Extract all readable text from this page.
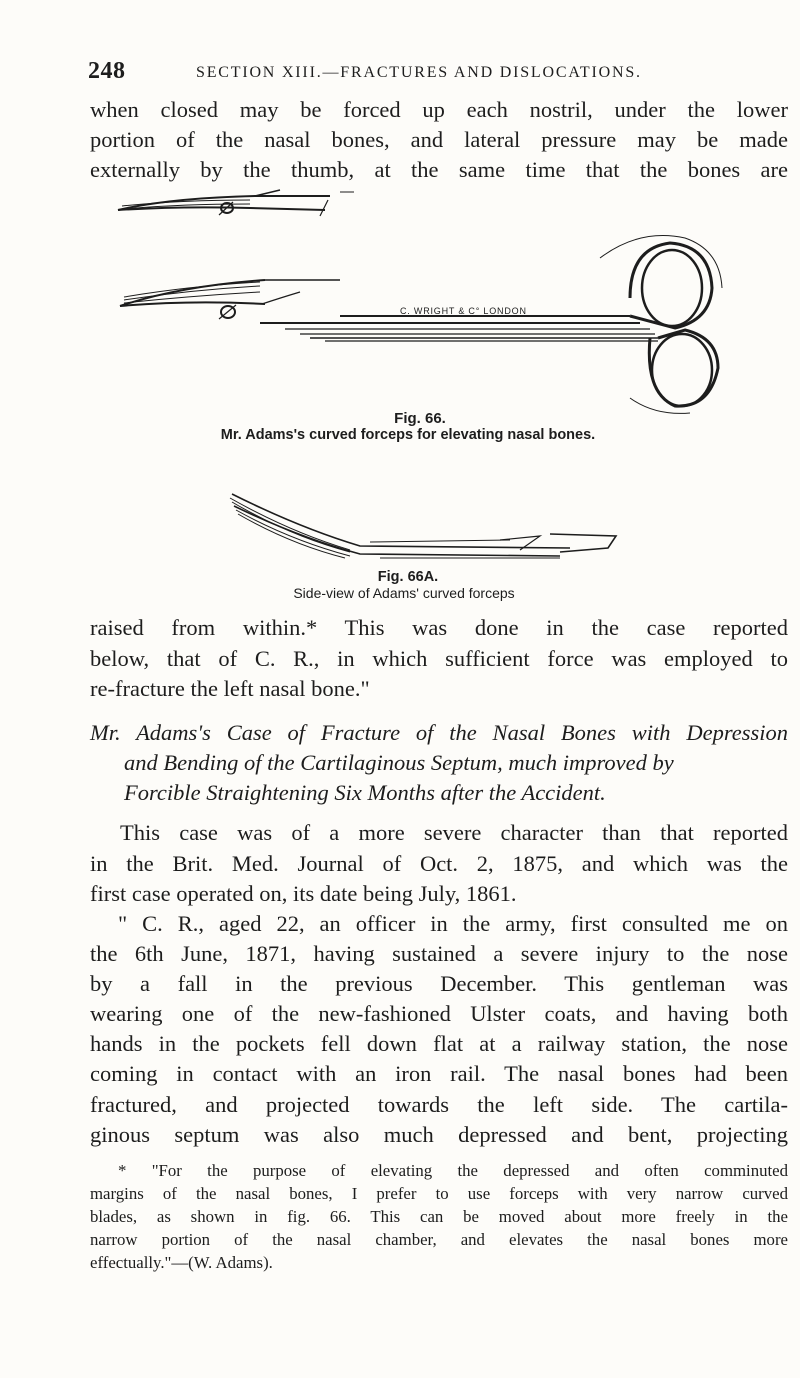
248	SECTION XIII.—FRACTURES AND DISLOCATIONS.
when closed may be forced up each nostril, under the lower
portion of the nasal bones, and lateral pressure may be made
externally by the thumb, at the same time that the bones are
C. WRIGHT & C° LONDON
Fig. 66.
Mr. Adams's curved forceps for elevating nasal bones.
Fig. 66A.
Side-view of Adams' curved forceps
raised from within.* This was done in the case reported
below, that of C. R., in which sufficient force was employed to
re-fracture the left nasal bone."
Mr. Adams's Case of Fracture of the Nasal Bones with Depression
and Bending of the Cartilaginous Septum, much improved by
Forcible Straightening Six Months after the Accident.
This case was of a more severe character than that reported
in the Brit. Med. Journal of Oct. 2, 1875, and which was the
first case operated on, its date being July, 1861.
" C. R., aged 22, an officer in the army, first consulted me on
the 6th June, 1871, having sustained a severe injury to the nose
by a fall in the previous December. This gentleman was
wearing one of the new-fashioned Ulster coats, and having both
hands in the pockets fell down flat at a railway station, the nose
coming in contact with an iron rail. The nasal bones had been
fractured, and projected towards the left side. The cartila-
ginous septum was also much depressed and bent, projecting
* "For the purpose of elevating the depressed and often comminuted
margins of the nasal bones, I prefer to use forceps with very narrow curved
blades, as shown in fig. 66. This can be moved about more freely in the
narrow portion of the nasal chamber, and elevates the nasal bones more
effectually."—(W. Adams).
